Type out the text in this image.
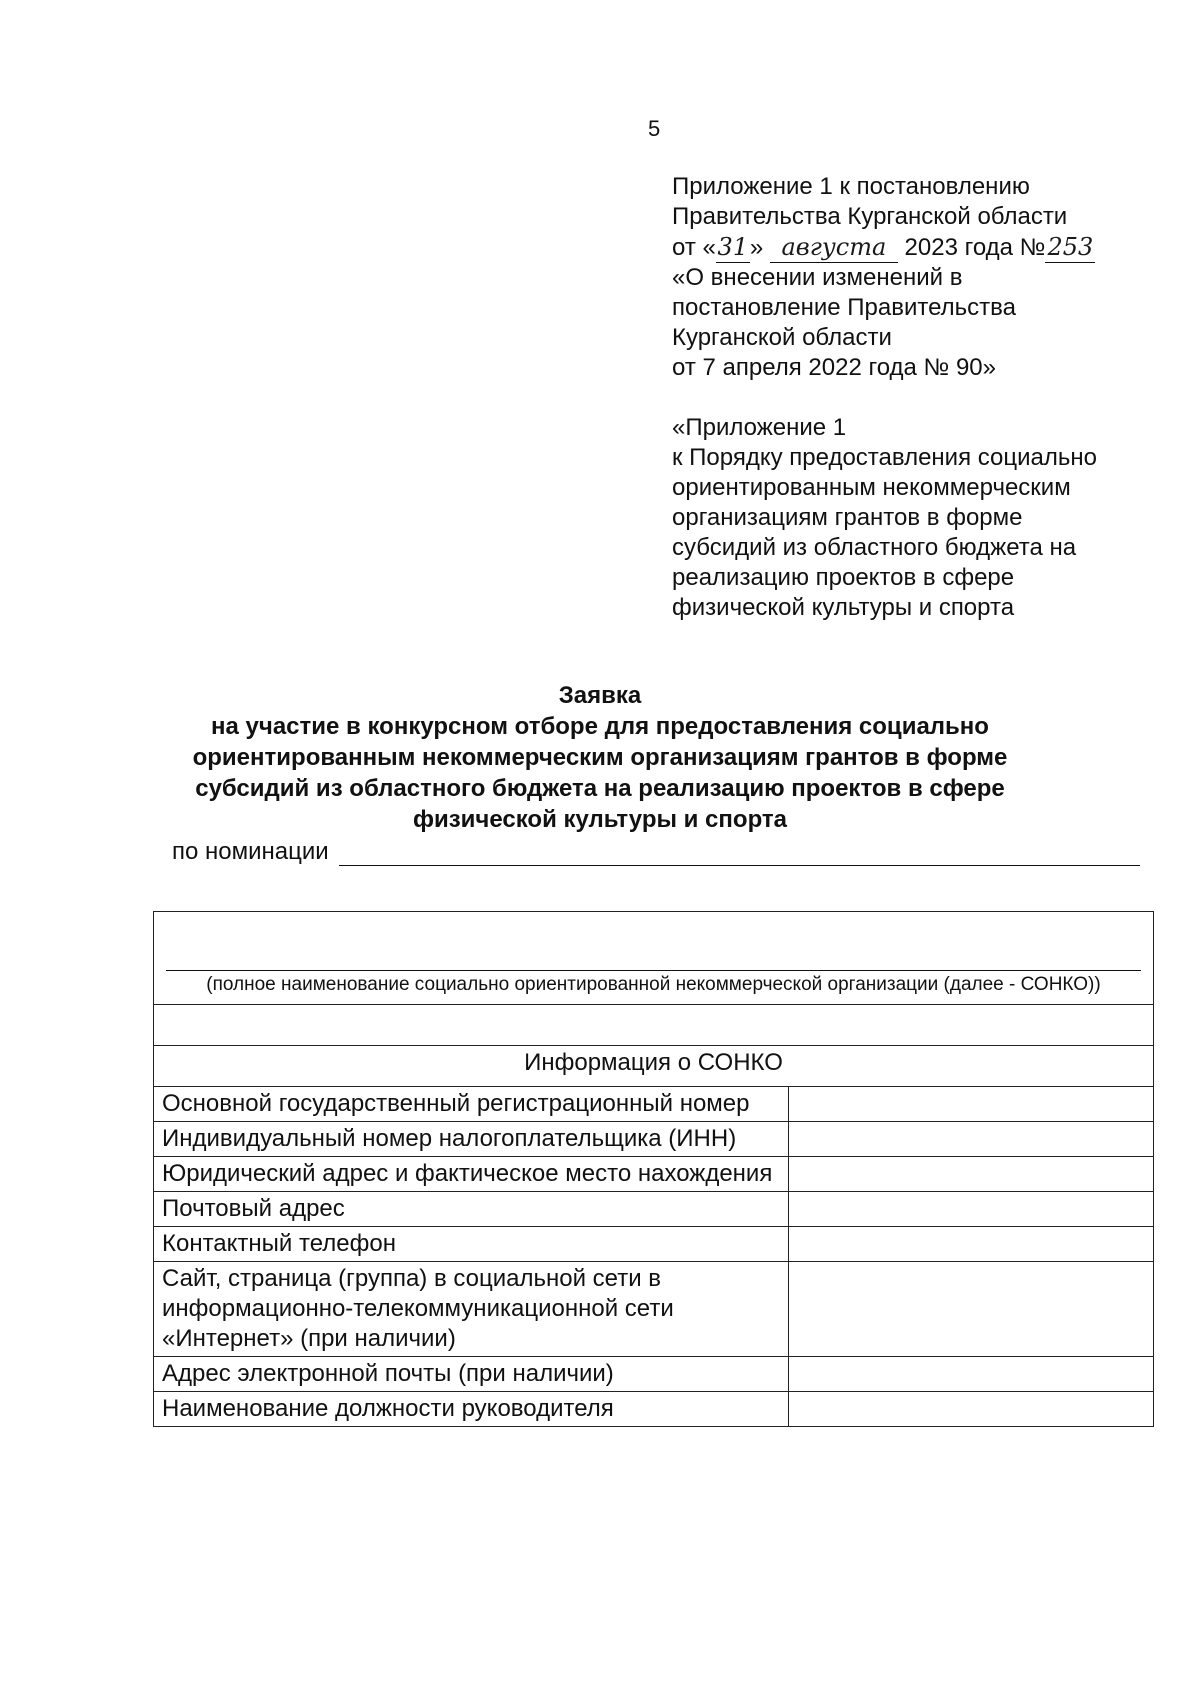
5
Приложение 1 к постановлению
Правительства Курганской области
от «31» августа 2023 года №253
«О внесении изменений в
постановление Правительства
Курганской области
от 7 апреля 2022 года № 90»
«Приложение 1
к Порядку предоставления социально
ориентированным некоммерческим
организациям грантов в форме
субсидий из областного бюджета на
реализацию проектов в сфере
физической культуры и спорта
Заявка
на участие в конкурсном отборе для предоставления социально
ориентированным некоммерческим организациям грантов в форме
субсидий из областного бюджета на реализацию проектов в сфере
физической культуры и спорта
по номинации
(полное наименование социально ориентированной некоммерческой организации (далее - СОНКО))	

Информация о СОНКО	
Основной государственный регистрационный номер	
Индивидуальный номер налогоплательщика (ИНН)	
Юридический адрес и фактическое место нахождения	
Почтовый адрес	
Контактный телефон	
Сайт, страница (группа) в социальной сети в информационно-телекоммуникационной сети «Интернет» (при наличии)	
Адрес электронной почты (при наличии)	
Наименование должности руководителя	
